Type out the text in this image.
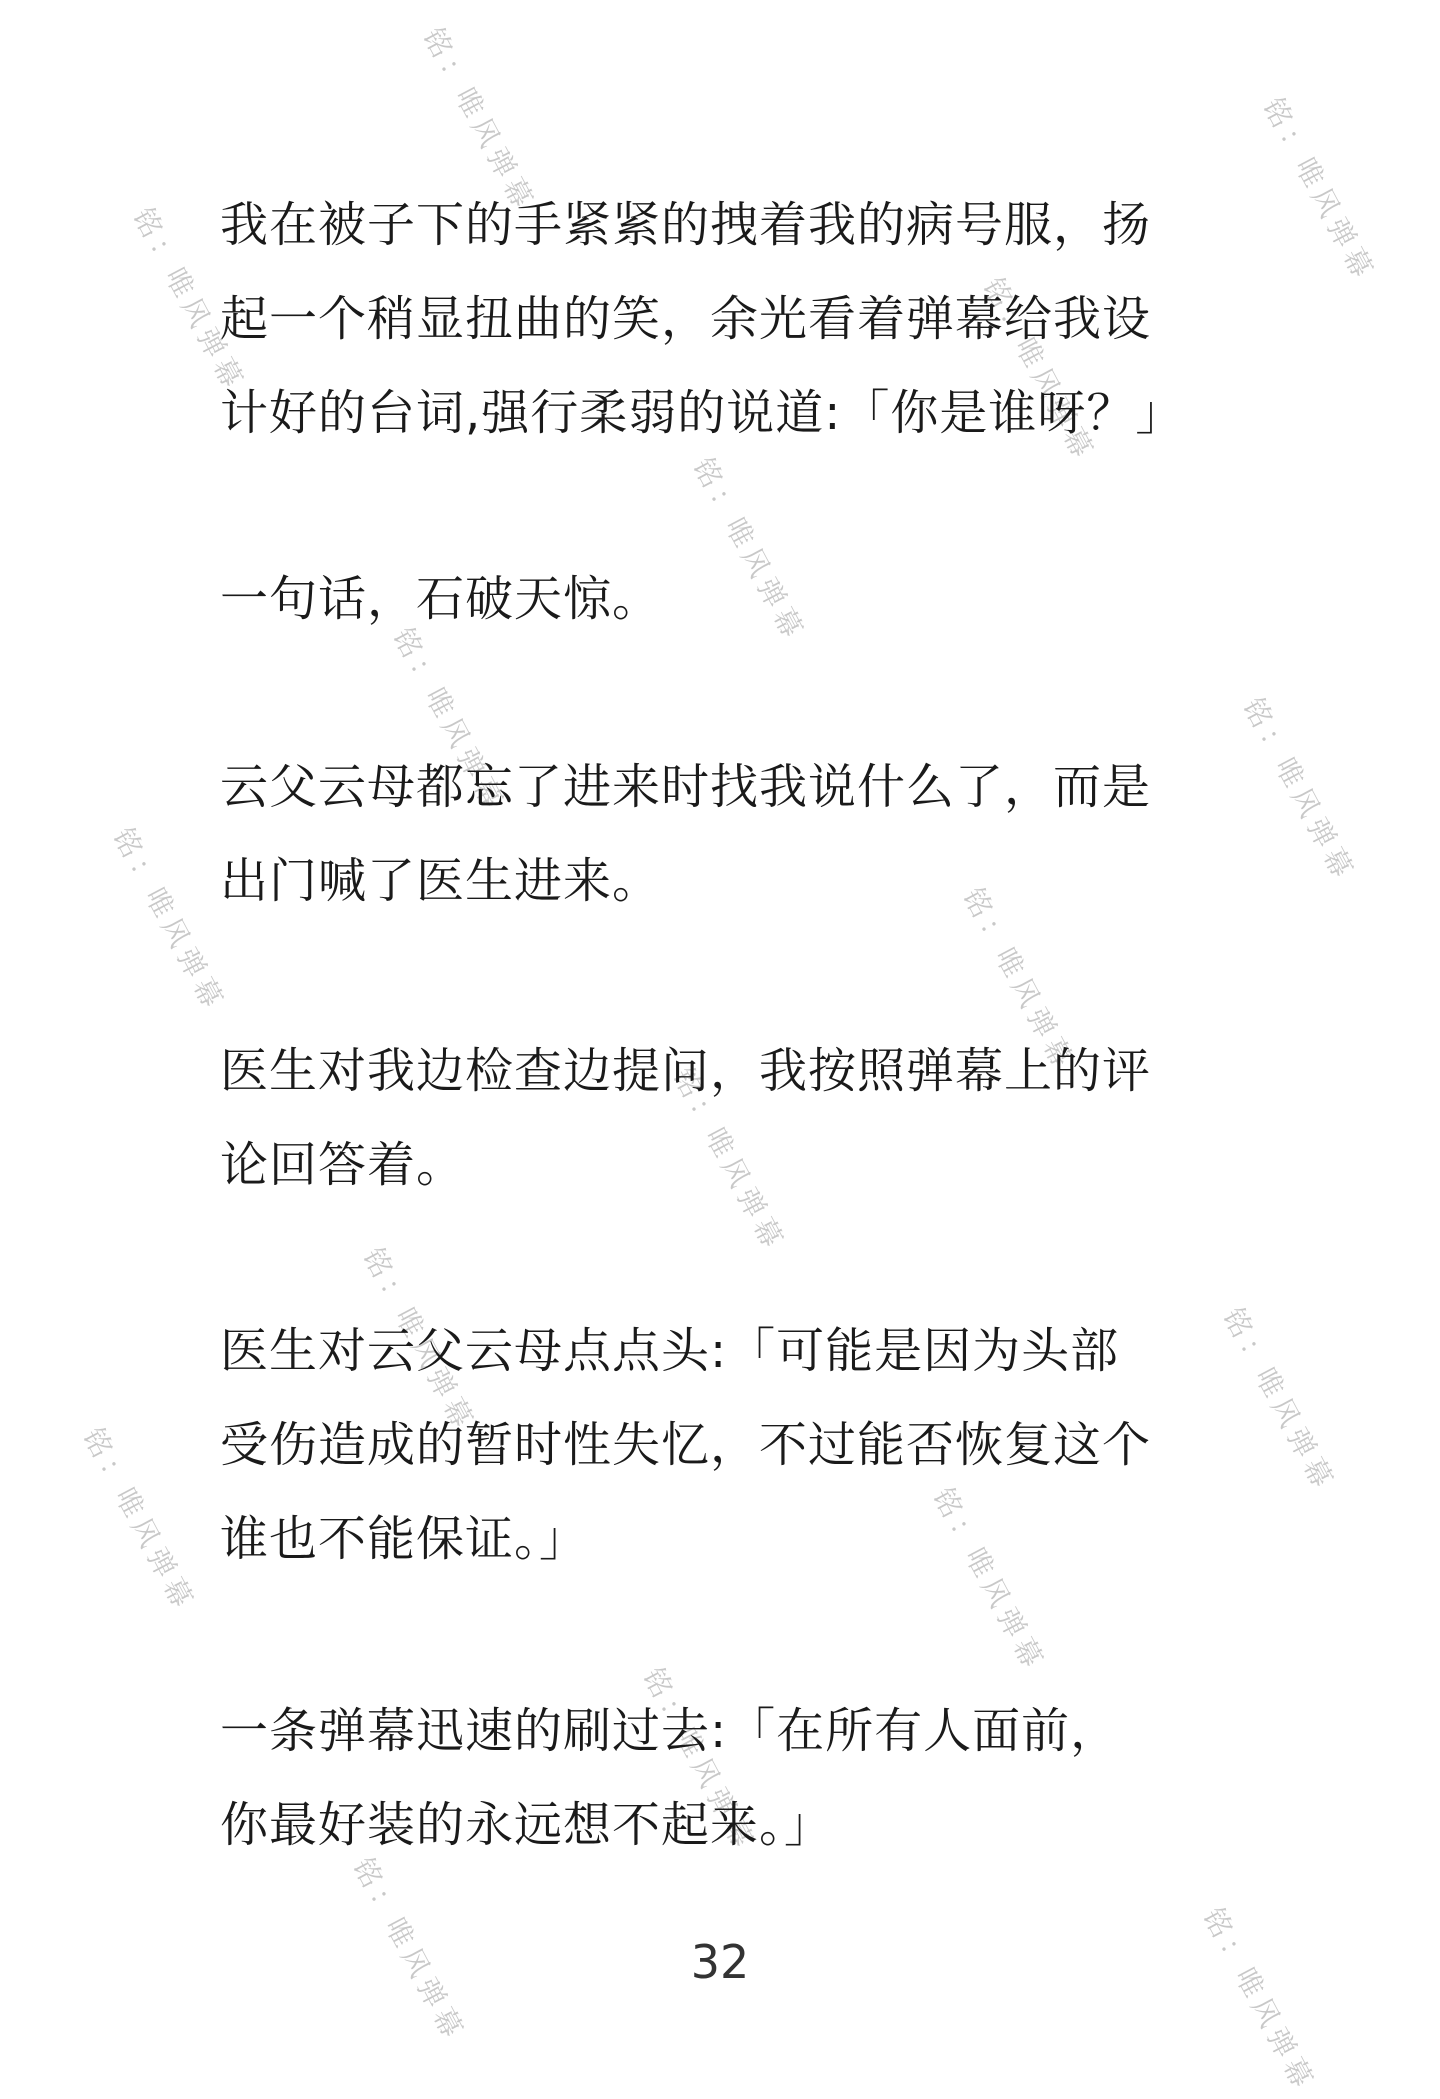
铭：唯风弹幕	铭：唯风弹幕
铭：唯风弹幕	铭：唯风弹幕
铭：唯风弹幕
铭：唯风弹幕	铭：唯风弹幕
铭：唯风弹幕	铭：唯风弹幕
铭：唯风弹幕
铭：唯风弹幕	铭：唯风弹幕
铭：唯风弹幕	铭：唯风弹幕
铭：唯风弹幕
铭：唯风弹幕	铭：唯风弹幕

我在被子下的手紧紧的拽着我的病号服，扬
起一个稍显扭曲的笑，余光看着弹幕给我设
计好的台词,强行柔弱的说道:「你是谁呀？」

一句话，石破天惊。

云父云母都忘了进来时找我说什么了，而是
出门喊了医生进来。

医生对我边检查边提问，我按照弹幕上的评
论回答着。

医生对云父云母点点头:「可能是因为头部
受伤造成的暂时性失忆，不过能否恢复这个
谁也不能保证。」

一条弹幕迅速的刷过去:「在所有人面前，
你最好装的永远想不起来。」

32
